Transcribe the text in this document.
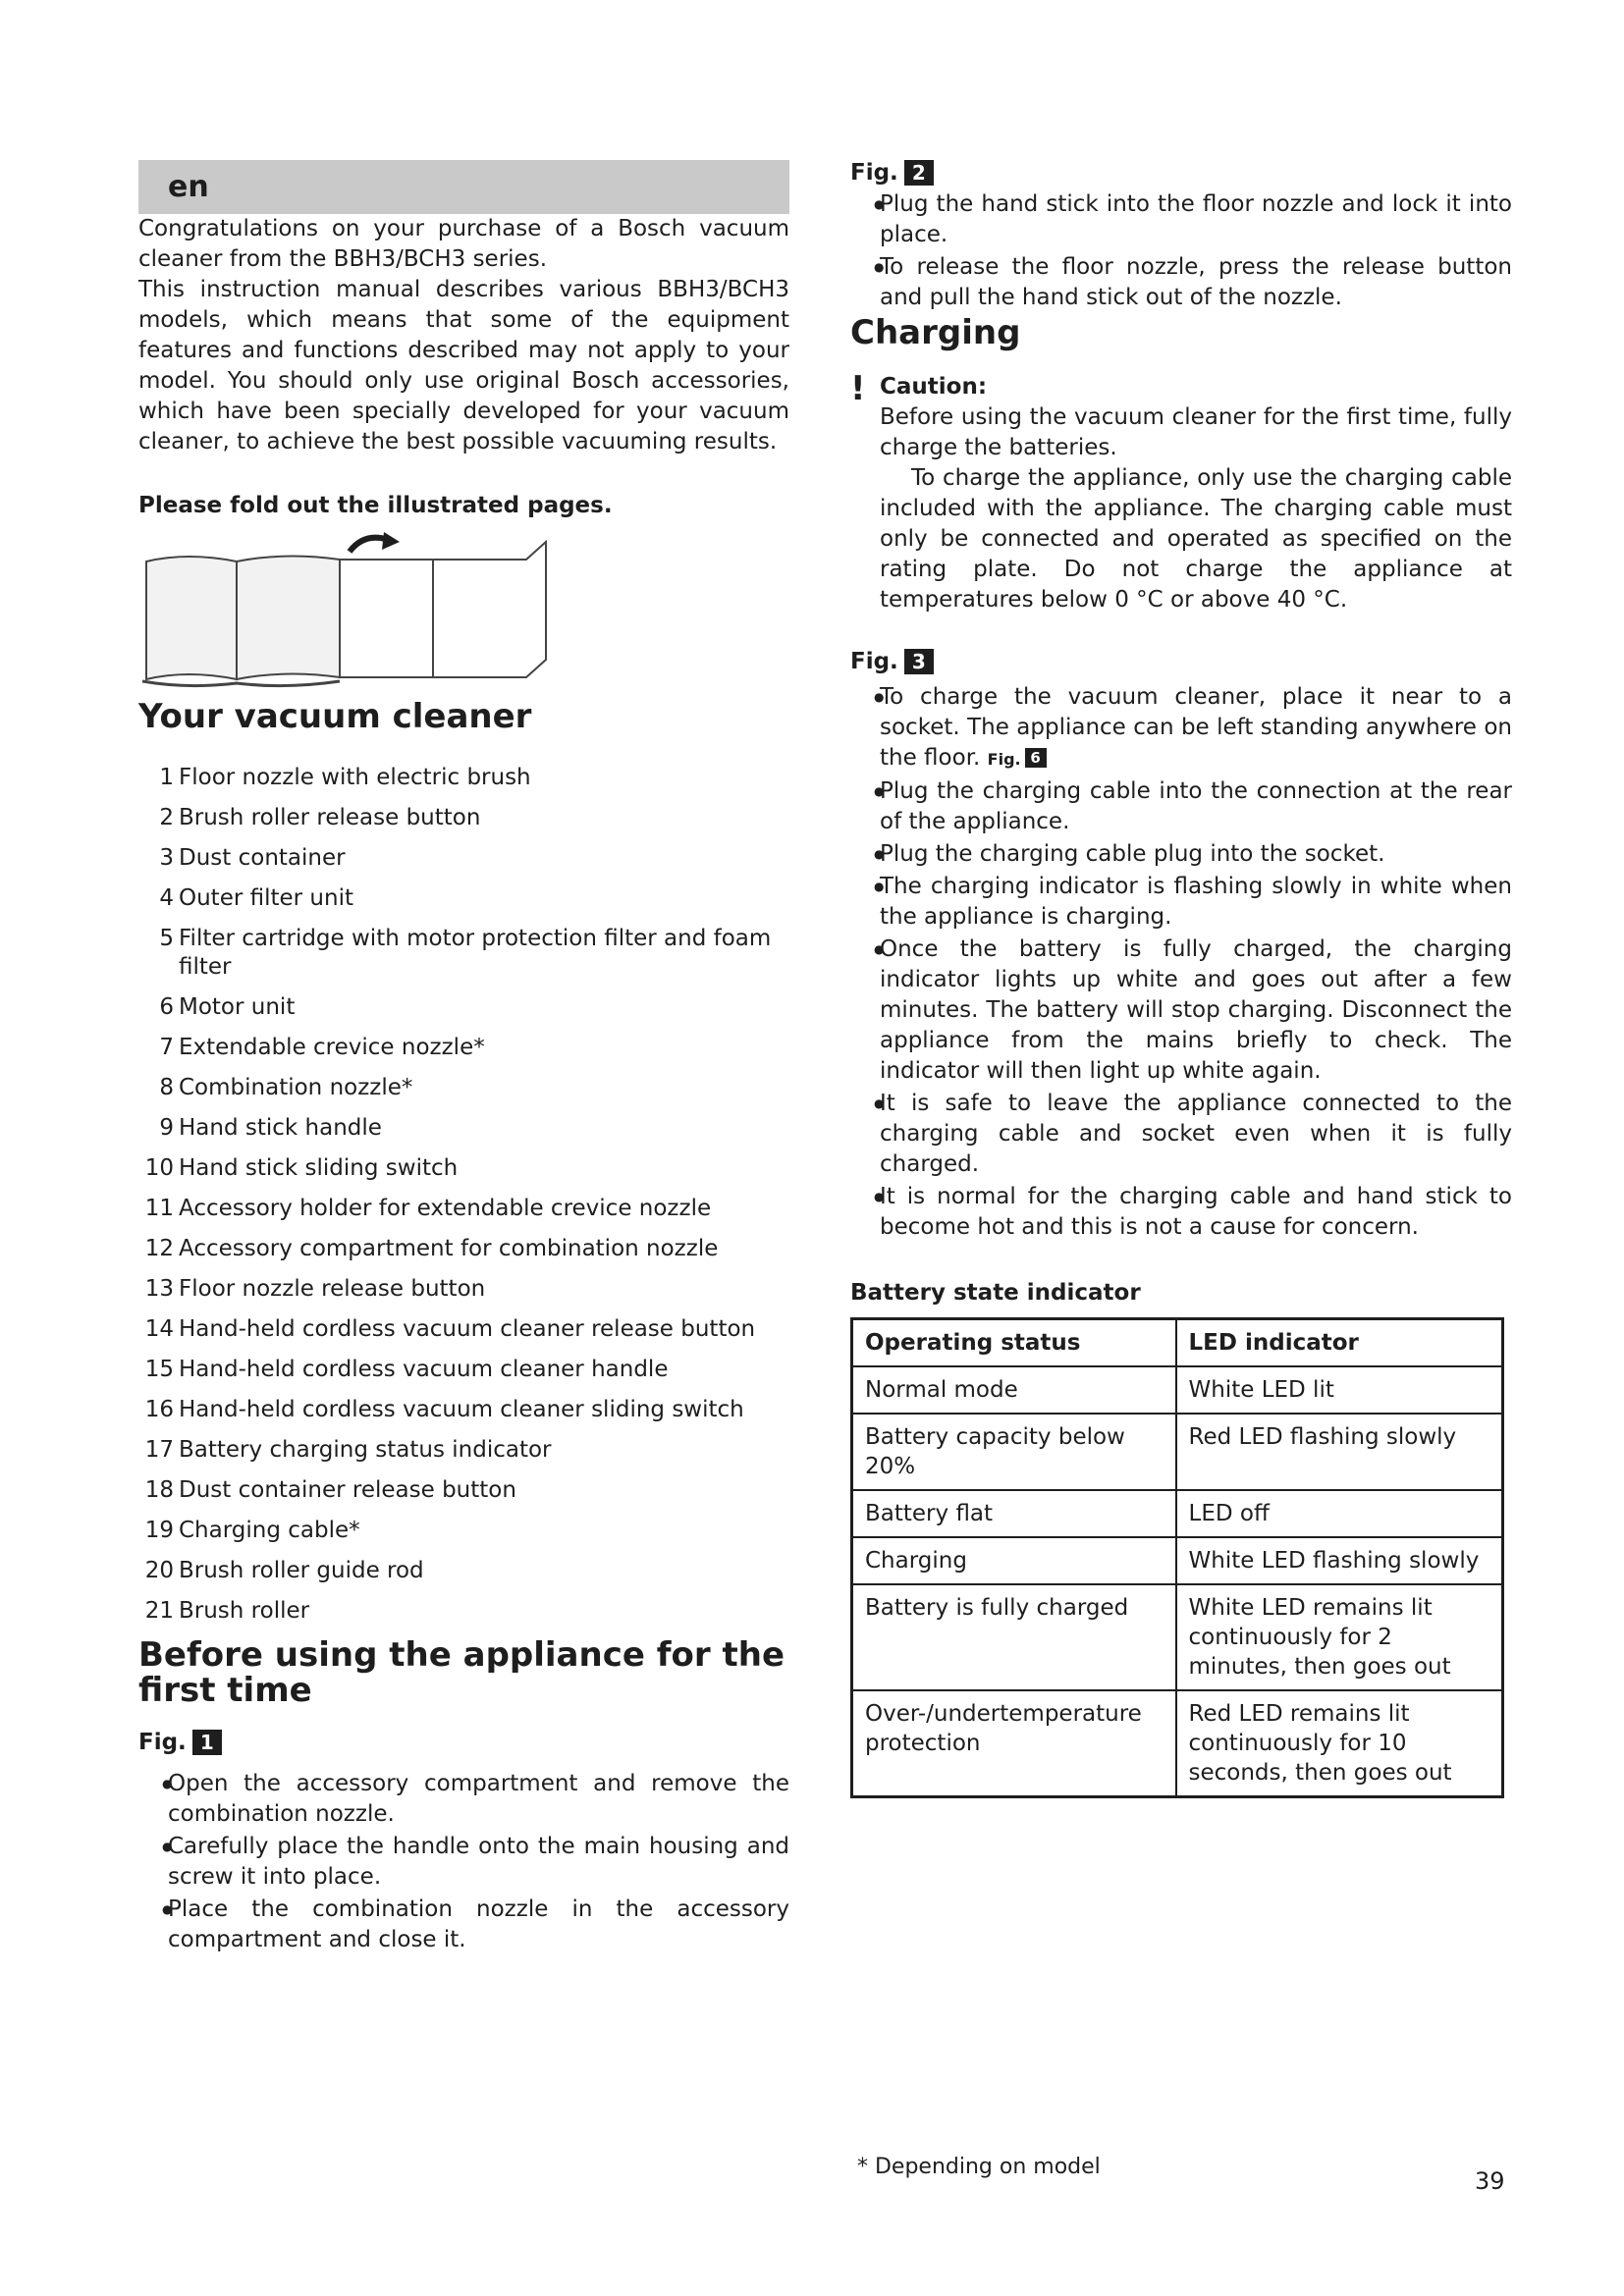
en

Congratulations on your purchase of a Bosch vacuum cleaner from the BBH3/BCH3 series.

This instruction manual describes various BBH3/BCH3 models, which means that some of the equipment features and functions described may not apply to your model. You should only use original Bosch accessories, which have been specially developed for your vacuum cleaner, to achieve the best possible vacuuming results.

Please fold out the illustrated pages.
Your vacuum cleaner
1 Floor nozzle with electric brush
2 Brush roller release button
3 Dust container
4 Outer filter unit
5 Filter cartridge with motor protection filter and foam filter
6 Motor unit
7 Extendable crevice nozzle*
8 Combination nozzle*
9 Hand stick handle
10 Hand stick sliding switch
11 Accessory holder for extendable crevice nozzle
12 Accessory compartment for combination nozzle
13 Floor nozzle release button
14 Hand-held cordless vacuum cleaner release button
15 Hand-held cordless vacuum cleaner handle
16 Hand-held cordless vacuum cleaner sliding switch
17 Battery charging status indicator
18 Dust container release button
19 Charging cable*
20 Brush roller guide rod
21 Brush roller
Before using the appliance for the first time
Fig. 1
● Open the accessory compartment and remove the combination nozzle.
● Carefully place the handle onto the main housing and screw it into place.
● Place the combination nozzle in the accessory compartment and close it.
Fig. 2
● Plug the hand stick into the floor nozzle and lock it into place.
● To release the floor nozzle, press the release button and pull the hand stick out of the nozzle.
Charging
! Caution:

Before using the vacuum cleaner for the first time, fully charge the batteries.

To charge the appliance, only use the charging cable included with the appliance. The charging cable must only be connected and operated as specified on the rating plate. Do not charge the appliance at temperatures below 0 °C or above 40 °C.

Fig. 3
● To charge the vacuum cleaner, place it near to a socket. The appliance can be left standing anywhere on the floor. Fig. 6
● Plug the charging cable into the connection at the rear of the appliance.
● Plug the charging cable plug into the socket.
● The charging indicator is flashing slowly in white when the appliance is charging.
● Once the battery is fully charged, the charging indicator lights up white and goes out after a few minutes. The battery will stop charging. Disconnect the appliance from the mains briefly to check. The indicator will then light up white again.
● It is safe to leave the appliance connected to the charging cable and socket even when it is fully charged.
● It is normal for the charging cable and hand stick to become hot and this is not a cause for concern.
Battery state indicator
Operating status	LED indicator
Normal mode	White LED lit
Battery capacity below 20%	Red LED flashing slowly
Battery flat	LED off
Charging	White LED flashing slowly
Battery is fully charged	White LED remains lit continuously for 2 minutes, then goes out
Over-/undertemperature protection	Red LED remains lit continuously for 10 seconds, then goes out
* Depending on model
39
